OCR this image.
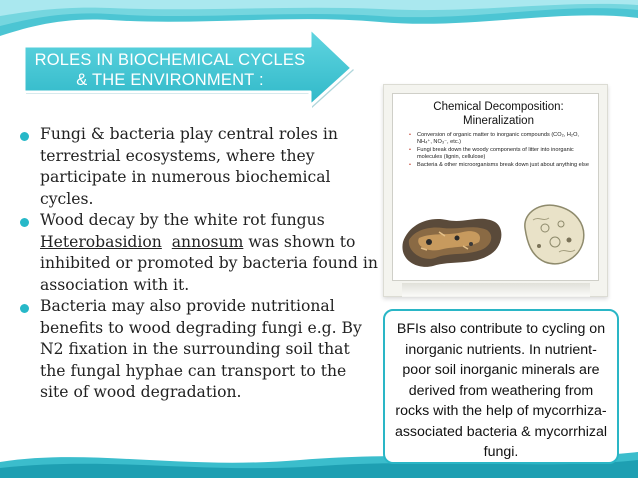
ROLES IN BIOCHEMICAL CYCLES
& THE ENVIRONMENT :
Fungi & bacteria play central roles in terrestrial ecosystems, where they participate in numerous biochemical cycles.
Wood decay by the white rot fungus Heterobasidion annosum was shown to inhibited or promoted by bacteria found in association with it.
Bacteria may also provide nutritional benefits to wood degrading fungi e.g. By N2 fixation in the surrounding soil that the fungal hyphae can transport to the site of wood degradation.
Chemical Decomposition:
Mineralization
• Conversion of organic matter to inorganic compounds (CO₂, H₂O, NH₄⁺, NO₃⁻, etc.)
• Fungi break down the woody components of litter into inorganic molecules (lignin, cellulose)
• Bacteria & other microorganisms break down just about anything else

BFIs also contribute to cycling on inorganic nutrients. In nutrient-poor soil inorganic minerals are derived from weathering from rocks with the help of mycorrhiza-associated bacteria & mycorrhizal fungi.
